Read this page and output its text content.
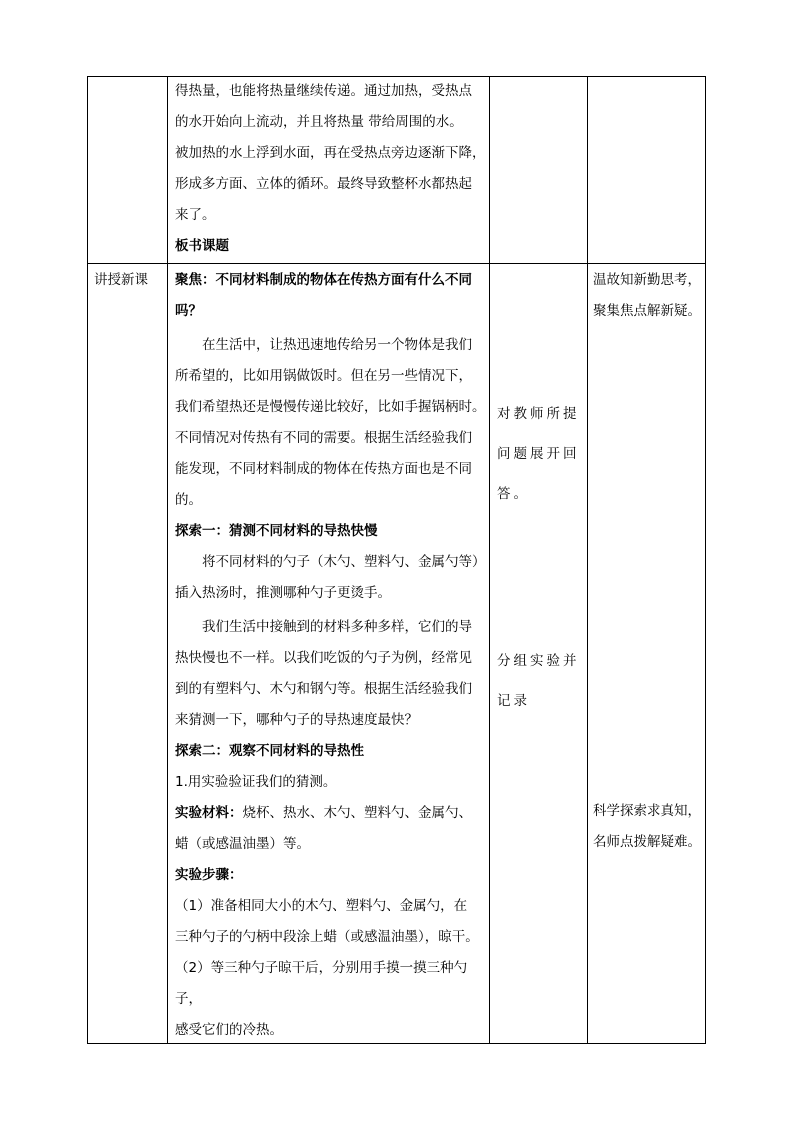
得热量，也能将热量继续传递。通过加热，受热点

的水开始向上流动，并且将热量 带给周围的水。

被加热的水上浮到水面，再在受热点旁边逐渐下降，

形成多方面、立体的循环。最终导致整杯水都热起

来了。

板书课题

讲授新课	聚焦：不同材料制成的物体在传热方面有什么不同

吗？

在生活中，让热迅速地传给另一个物体是我们

所希望的，比如用锅做饭时。但在另一些情况下，

我们希望热还是慢慢传递比较好，比如手握锅柄时。

不同情况对传热有不同的需要。根据生活经验我们

能发现，不同材料制成的物体在传热方面也是不同

的。

探索一：猜测不同材料的导热快慢

将不同材料的勺子（木勺、塑料勺、金属勺等）

插入热汤时，推测哪种勺子更烫手。

我们生活中接触到的材料多种多样，它们的导

热快慢也不一样。以我们吃饭的勺子为例，经常见

到的有塑料勺、木勺和钢勺等。根据生活经验我们

来猜测一下，哪种勺子的导热速度最快？

探索二：观察不同材料的导热性

1.用实验验证我们的猜测。

实验材料：烧杯、热水、木勺、塑料勺、金属勺、

蜡（或感温油墨）等。

实验步骤：

（1）准备相同大小的木勺、塑料勺、金属勺，在

三种勺子的勺柄中段涂上蜡（或感温油墨），晾干。

（2）等三种勺子晾干后，分别用手摸一摸三种勺

子，

感受它们的冷热。

对教师所提

问题展开回

答。

分组实验并

记录

温故知新勤思考，

聚集焦点解新疑。

科学探索求真知，

名师点拨解疑难。
